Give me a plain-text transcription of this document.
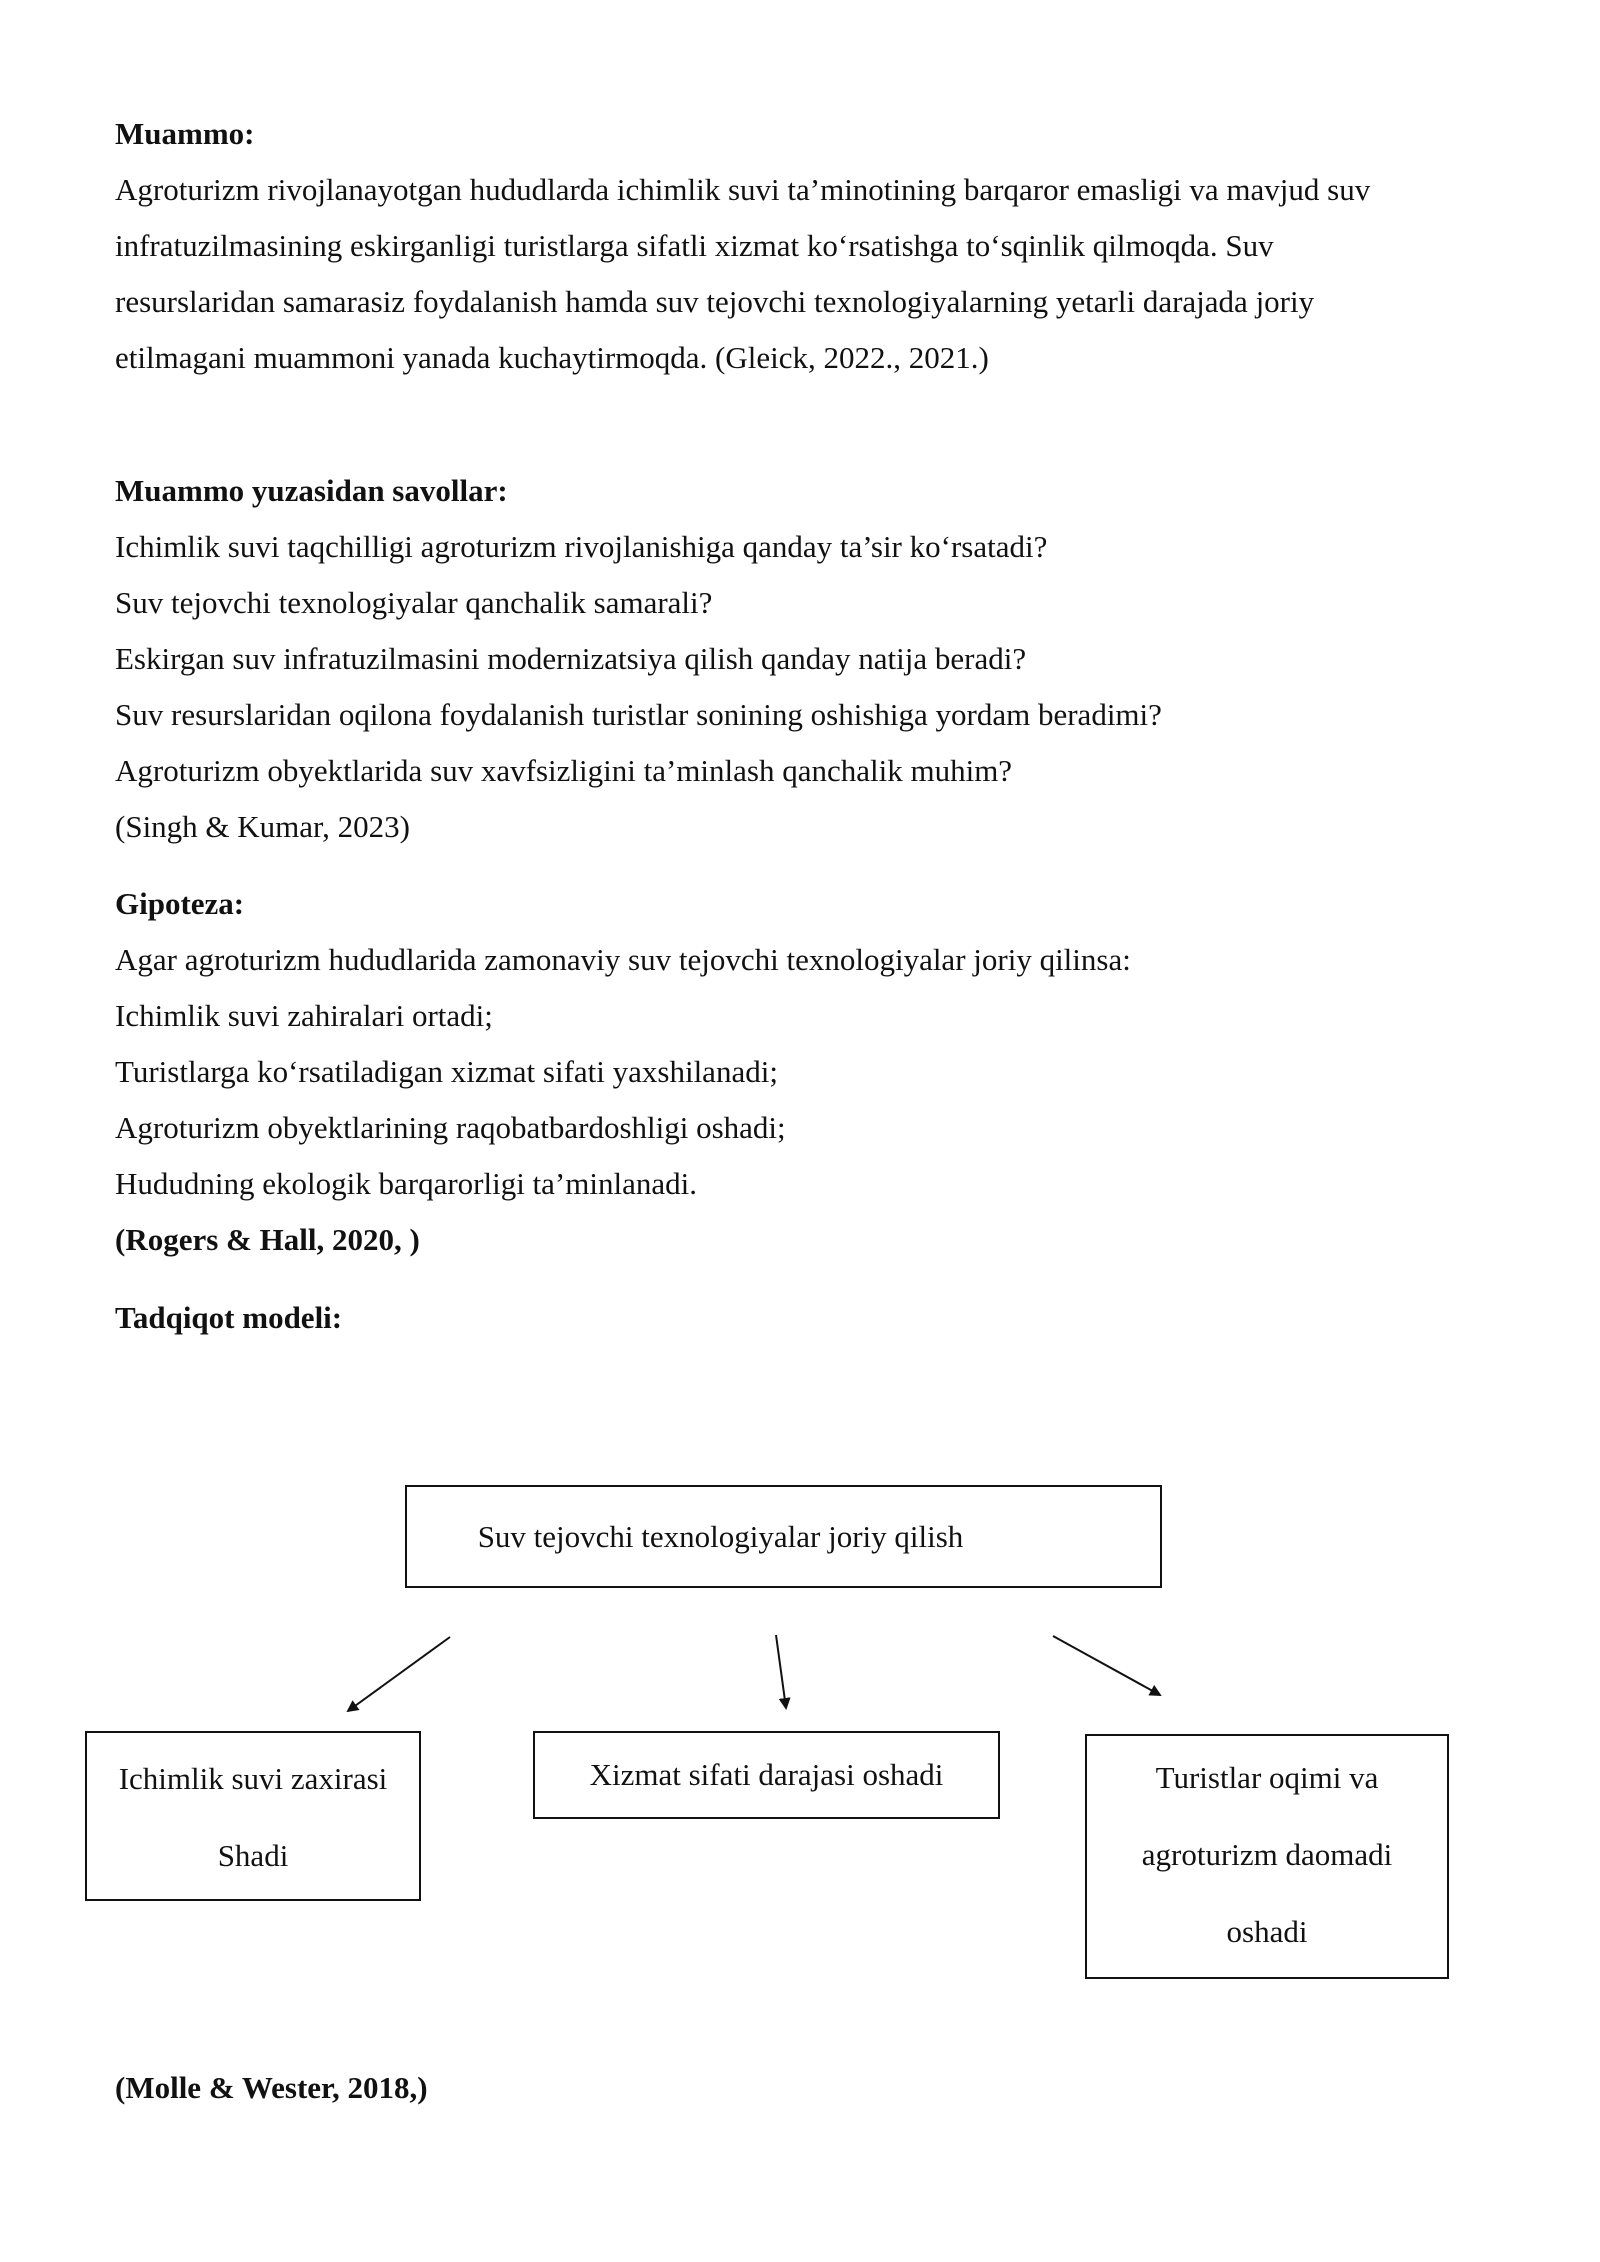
Muammo:
Agroturizm rivojlanayotgan hududlarda ichimlik suvi ta’minotining barqaror emasligi va mavjud suv
infratuzilmasining eskirganligi turistlarga sifatli xizmat ko‘rsatishga to‘sqinlik qilmoqda. Suv
resurslaridan samarasiz foydalanish hamda suv tejovchi texnologiyalarning yetarli darajada joriy
etilmagani muammoni yanada kuchaytirmoqda. (Gleick, 2022., 2021.)
Muammo yuzasidan savollar:
Ichimlik suvi taqchilligi agroturizm rivojlanishiga qanday ta’sir ko‘rsatadi?
Suv tejovchi texnologiyalar qanchalik samarali?
Eskirgan suv infratuzilmasini modernizatsiya qilish qanday natija beradi?
Suv resurslaridan oqilona foydalanish turistlar sonining oshishiga yordam beradimi?
Agroturizm obyektlarida suv xavfsizligini ta’minlash qanchalik muhim?
(Singh & Kumar, 2023)
Gipoteza:
Agar agroturizm hududlarida zamonaviy suv tejovchi texnologiyalar joriy qilinsa:
Ichimlik suvi zahiralari ortadi;
Turistlarga ko‘rsatiladigan xizmat sifati yaxshilanadi;
Agroturizm obyektlarining raqobatbardoshligi oshadi;
Hududning ekologik barqarorligi ta’minlanadi.
(Rogers & Hall, 2020, )
Tadqiqot modeli:
Suv tejovchi texnologiyalar joriy qilish
Ichimlik suvi zaxirasi
Shadi
Xizmat sifati darajasi oshadi	Turistlar oqimi va
agroturizm daomadi
oshadi
(Molle & Wester, 2018,)
